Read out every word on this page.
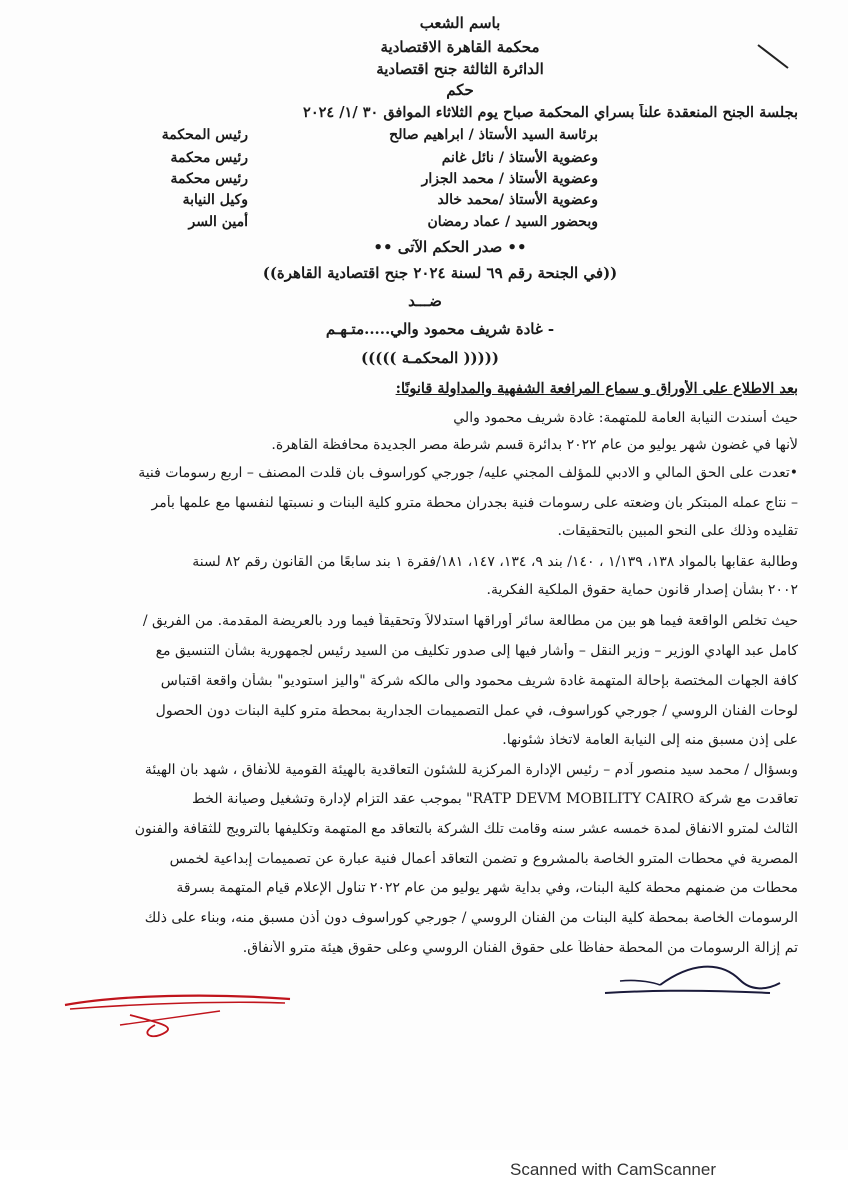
باسم الشعب
محكمة القاهرة الاقتصادية
الدائرة الثالثة جنح اقتصادية
حكم
بجلسة الجنح المنعقدة علناً بسراي المحكمة صباح يوم الثلاثاء الموافق ٣٠ /١/ ٢٠٢٤
برئاسة السيد الأستاذ / ابراهيم صالح
رئيس المحكمة
وعضوية الأستاذ / نائل غانم
رئيس محكمة
وعضوية الأستاذ / محمد الجزار
رئيس محكمة
وعضوية الأستاذ /محمد خالد
وكيل النيابة
وبحضور السيد / عماد رمضان
أمين السر
•• صدر الحكم الآتى ••
((في الجنحة رقم ٦٩ لسنة ٢٠٢٤ جنح اقتصادية القاهرة))
ضـــد
- غادة شريف محمود والي.....متـهـم
((((( المحكمـة )))))
بعد الاطلاع على الأوراق و سماع المرافعة الشفهية والمداولة قانونًا:
حيث أسندت النيابة العامة للمتهمة: غادة شريف محمود والي
لأنها في غضون شهر يوليو من عام ٢٠٢٢ بدائرة قسم شرطة مصر الجديدة محافظة القاهرة.
•تعدت على الحق المالي و الادبي للمؤلف المجني عليه/ جورجي كوراسوف بان قلدت المصنف – اربع رسومات فنية
– نتاج عمله المبتكر بان وضعته على رسومات فنية بجدران محطة مترو كلية البنات و نسبتها لنفسها مع علمها بأمر
تقليده وذلك على النحو المبين بالتحقيقات.
وطالبة عقابها بالمواد ١٣٨، ١/١٣٩ ، ١٤٠/ بند ٩، ١٣٤، ١٤٧، ١٨١/فقرة ١ بند سابعًا من القانون رقم ٨٢ لسنة
٢٠٠٢ بشأن إصدار قانون حماية حقوق الملكية الفكرية.
حيث تخلص الواقعة فيما هو بين من مطالعة سائر أوراقها استدلالاً وتحقيقاً فيما ورد بالعريضة المقدمة. من الفريق /
كامل عبد الهادي الوزير – وزير النقل – وأشار فيها إلى صدور تكليف من السيد رئيس لجمهورية بشأن التنسيق مع
كافة الجهات المختصة بإحالة المتهمة غادة شريف محمود والى مالكه شركة "واليز استوديو" بشأن واقعة اقتباس
لوحات الفنان الروسي / جورجي كوراسوف، في عمل التصميمات الجدارية بمحطة مترو كلية البنات دون الحصول
على إذن مسبق منه إلى النيابة العامة لاتخاذ شئونها.
وبسؤال / محمد سيد منصور آدم – رئيس الإدارة المركزية للشئون التعاقدية بالهيئة القومية للأنفاق ، شهد بان الهيئة
تعاقدت مع شركة RATP DEVM MOBILITY CAIRO" بموجب عقد التزام لإدارة وتشغيل وصيانة الخط
الثالث لمترو الانفاق لمدة خمسه عشر سنه وقامت تلك الشركة بالتعاقد مع المتهمة وتكليفها بالترويج للثقافة والفنون
المصرية في محطات المترو الخاصة بالمشروع و تضمن التعاقد أعمال فنية عبارة عن تصميمات إبداعية لخمس
محطات من ضمنهم محطة كلية البنات، وفي بداية شهر يوليو من عام ٢٠٢٢ تناول الإعلام قيام المتهمة بسرقة
الرسومات الخاصة بمحطة كلية البنات من الفنان الروسي / جورجي كوراسوف دون أذن مسبق منه، وبناء على ذلك
تم إزالة الرسومات من المحطة حفاظاً على حقوق الفنان الروسي وعلى حقوق هيئة مترو الأنفاق.
Scanned with CamScanner
